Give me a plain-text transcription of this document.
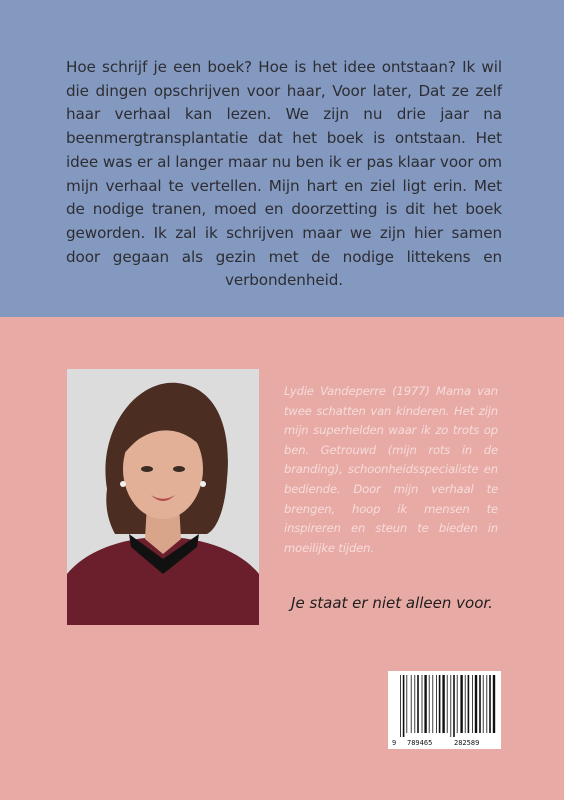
Hoe schrijf je een boek? Hoe is het idee ontstaan? Ik wil die dingen opschrijven voor haar, Voor later, Dat ze zelf haar verhaal kan lezen. We zijn nu drie jaar na beenmergtransplantatie dat het boek is ontstaan. Het idee was er al langer maar nu ben ik er pas klaar voor om mijn verhaal te vertellen. Mijn hart en ziel ligt erin. Met de nodige tranen, moed en doorzetting is dit het boek geworden. Ik zal ik schrijven maar we zijn hier samen door gegaan als gezin met de nodige littekens en verbondenheid.

Lydie Vandeperre (1977) Mama van twee schatten van kinderen. Het zijn mijn superhelden waar ik zo trots op ben. Getrouwd (mijn rots in de branding), schoonheidsspecialiste en bediende. Door mijn verhaal te brengen, hoop ik mensen te inspireren en steun te bieden in moeilijke tijden.

Je staat er niet alleen voor.

9 789465	282589
